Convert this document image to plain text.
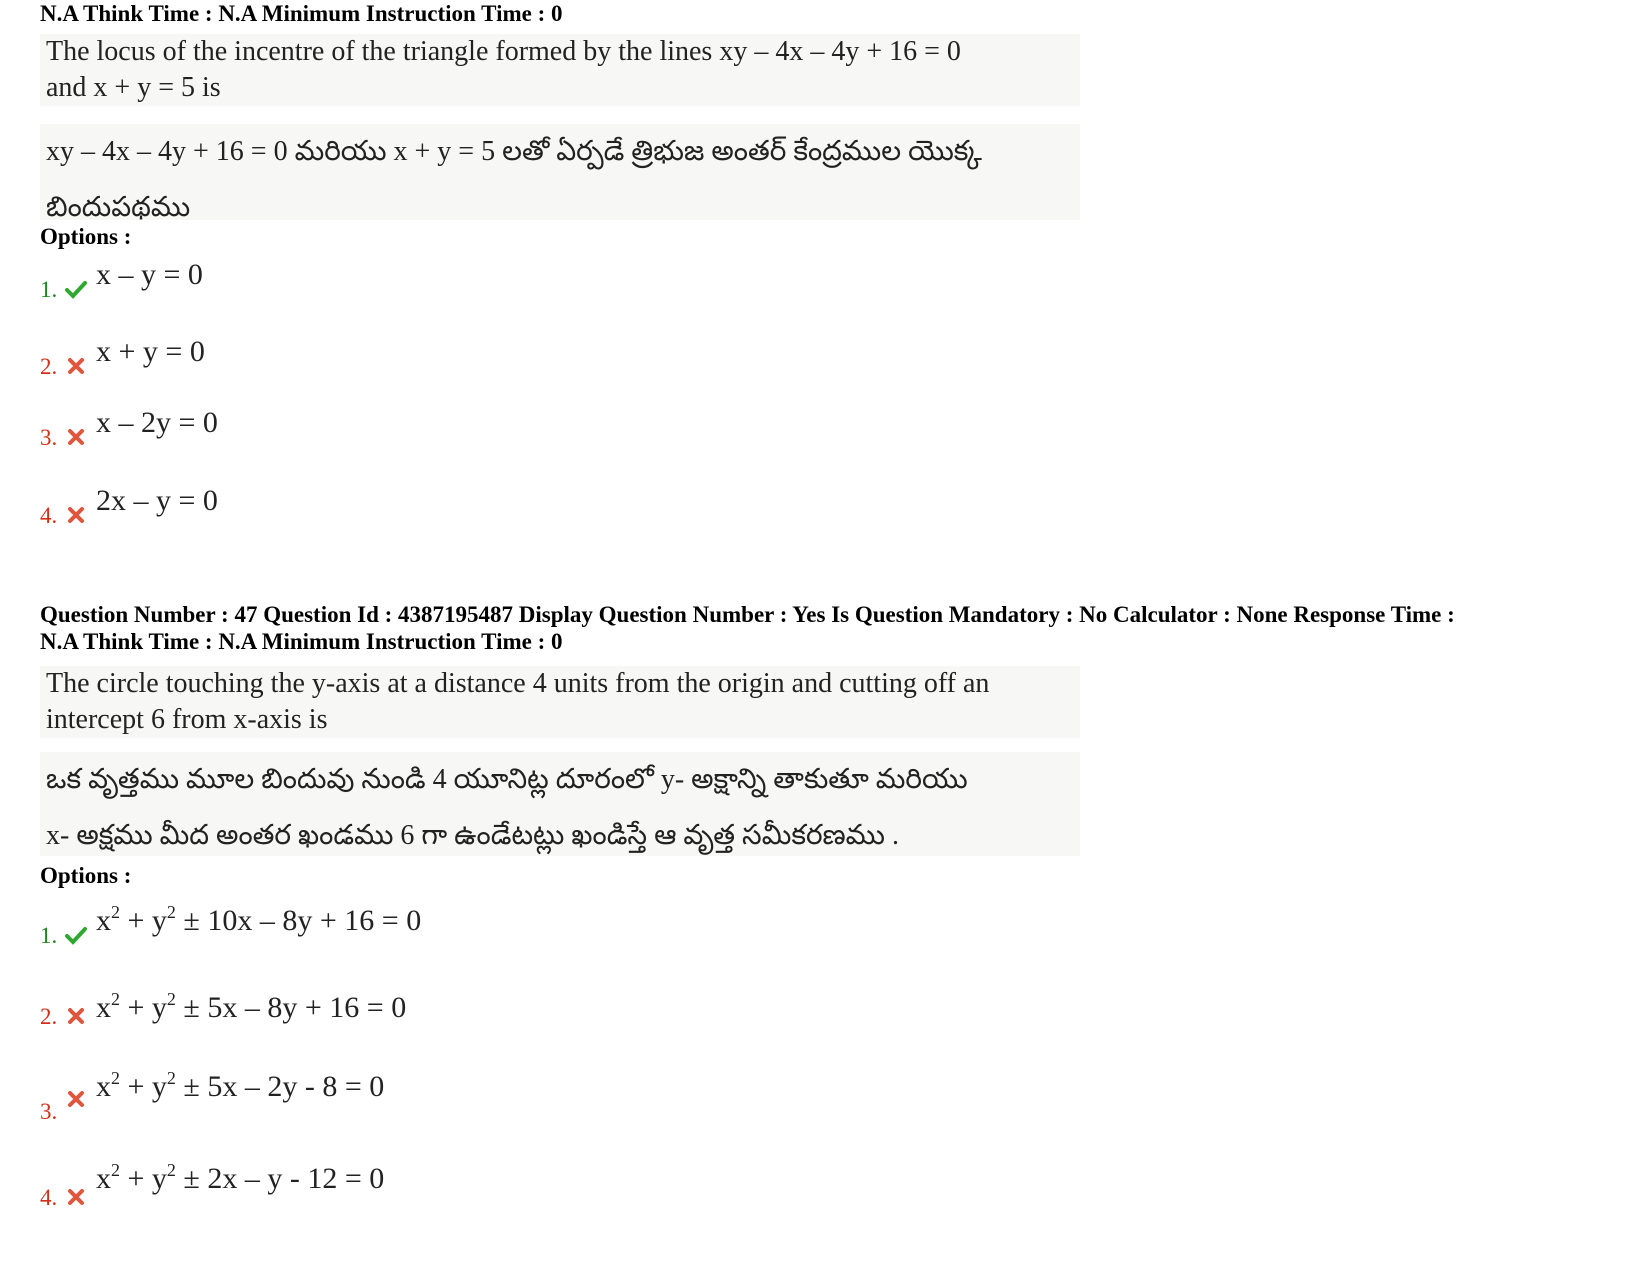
N.A Think Time : N.A Minimum Instruction Time : 0
The locus of the incentre of the triangle formed by the lines xy – 4x – 4y + 16 = 0
and x + y = 5 is
xy – 4x – 4y + 16 = 0 మరియు x + y = 5 లతో ఏర్పడే త్రిభుజ అంతర్ కేంద్రముల యొక్క
బిందుపథము
Options :
1. x – y = 0
2. x + y = 0
3. x – 2y = 0
4. 2x – y = 0
Question Number : 47 Question Id : 4387195487 Display Question Number : Yes Is Question Mandatory : No Calculator : None Response Time :
N.A Think Time : N.A Minimum Instruction Time : 0
The circle touching the y-axis at a distance 4 units from the origin and cutting off an
intercept 6 from x-axis is
ఒక వృత్తము మూల బిందువు నుండి 4 యూనిట్ల దూరంలో y- అక్షాన్ని తాకుతూ మరియు
x- అక్షము మీద అంతర ఖండము 6 గా ఉండేటట్లు ఖండిస్తే ఆ వృత్త సమీకరణము .
Options :
1. $x^2 + y^2 \pm 10x - 8y + 16 = 0$
2. $x^2 + y^2 \pm 5x - 8y + 16 = 0$
3.
$x^2 + y^2 \pm 5x - 2y - 8 = 0$
4.
$x^2 + y^2 \pm 2x - y - 12 = 0$
